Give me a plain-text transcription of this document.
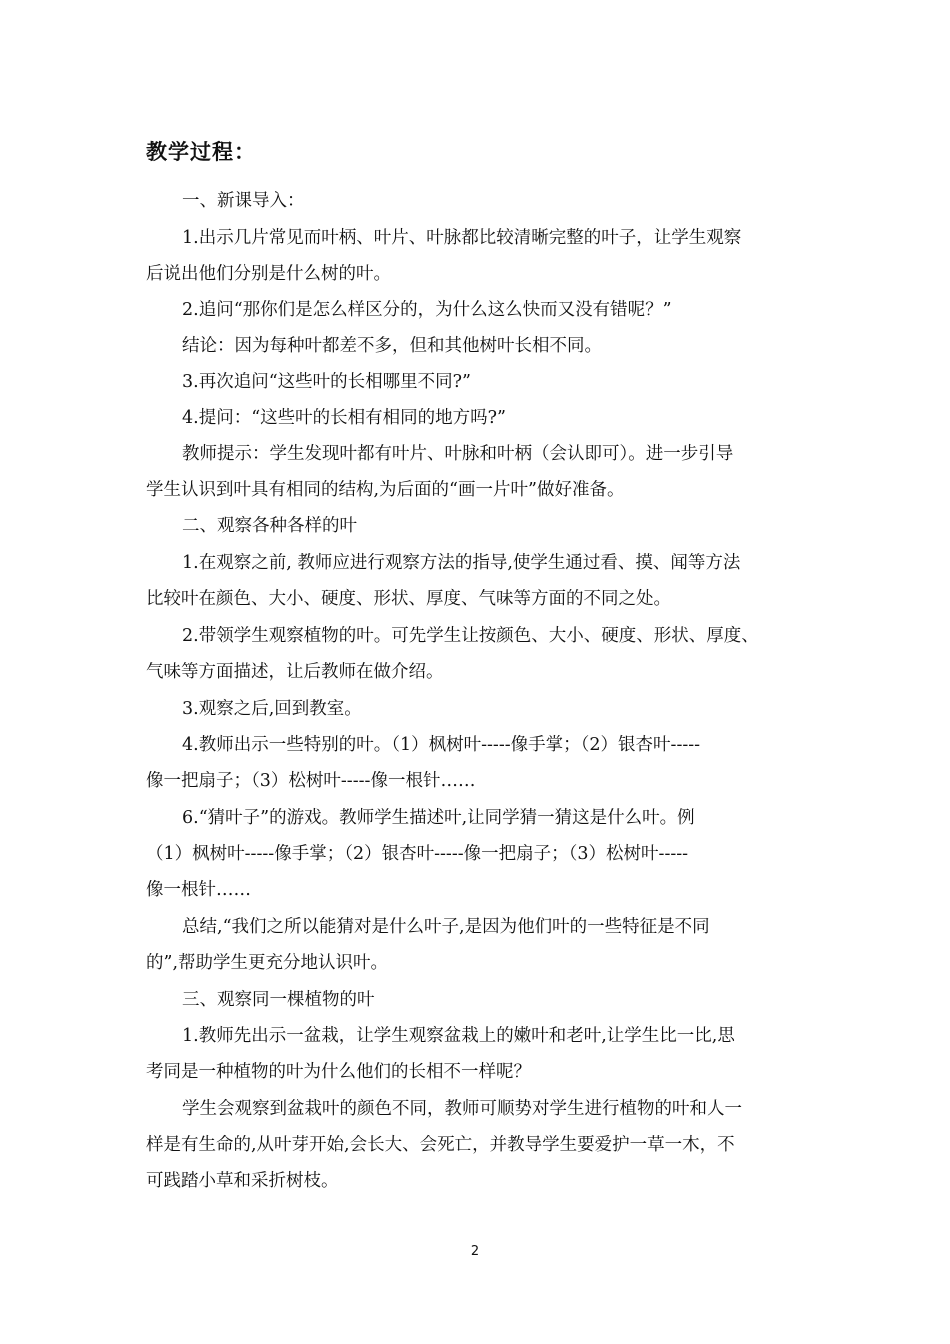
教学过程：
一、新课导入：
1.出示几片常见而叶柄、叶片、叶脉都比较清晰完整的叶子，让学生观察
后说出他们分别是什么树的叶。
2.追问“那你们是怎么样区分的，为什么这么快而又没有错呢？”
结论：因为每种叶都差不多，但和其他树叶长相不同。
3.再次追问“这些叶的长相哪里不同?”
4.提问：“这些叶的长相有相同的地方吗?”
教师提示：学生发现叶都有叶片、叶脉和叶柄（会认即可）。进一步引导
学生认识到叶具有相同的结构,为后面的“画一片叶”做好准备。
二、观察各种各样的叶
1.在观察之前, 教师应进行观察方法的指导,使学生通过看、摸、闻等方法
比较叶在颜色、大小、硬度、形状、厚度、气味等方面的不同之处。
2.带领学生观察植物的叶。可先学生让按颜色、大小、硬度、形状、厚度、
气味等方面描述，让后教师在做介绍。
3.观察之后,回到教室。
4.教师出示一些特别的叶。（1）枫树叶-----像手掌；（2）银杏叶-----
像一把扇子；（3）松树叶-----像一根针……
6.“猜叶子”的游戏。教师学生描述叶,让同学猜一猜这是什么叶。例
（1）枫树叶-----像手掌；（2）银杏叶-----像一把扇子；（3）松树叶-----
像一根针……
总结,“我们之所以能猜对是什么叶子,是因为他们叶的一些特征是不同
的”,帮助学生更充分地认识叶。
三、观察同一棵植物的叶
1.教师先出示一盆栽，让学生观察盆栽上的嫩叶和老叶,让学生比一比,思
考同是一种植物的叶为什么他们的长相不一样呢？
学生会观察到盆栽叶的颜色不同，教师可顺势对学生进行植物的叶和人一
样是有生命的,从叶芽开始,会长大、会死亡，并教导学生要爱护一草一木，不
可践踏小草和采折树枝。
2
